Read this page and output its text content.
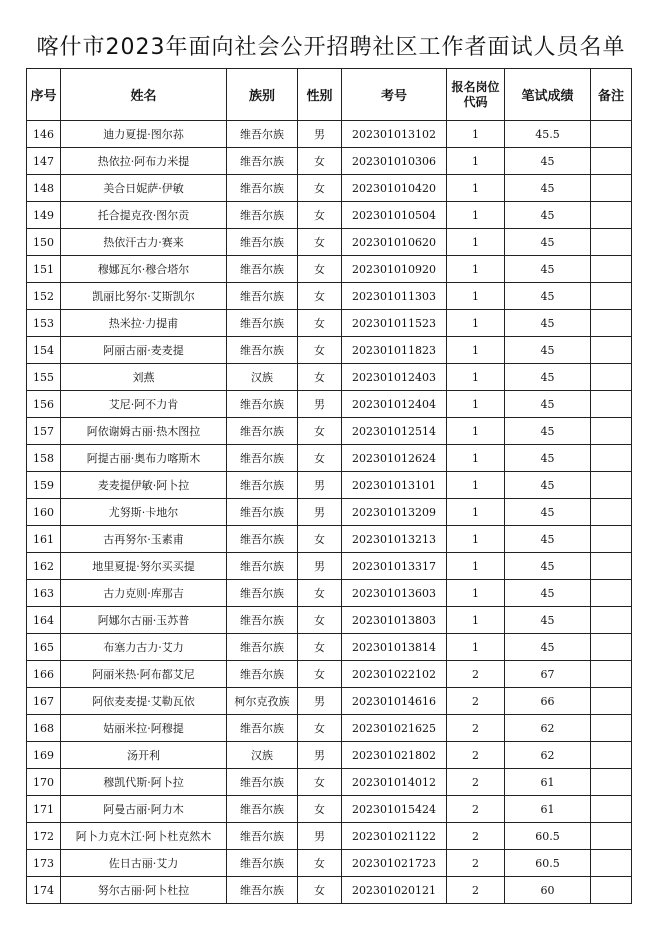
喀什市2023年面向社会公开招聘社区工作者面试人员名单
序号	姓名	族别	性别	考号	报名岗位代码	笔试成绩	备注
146	迪力夏提·图尔荪	维吾尔族	男	202301013102	1	45.5	
147	热依拉·阿布力米提	维吾尔族	女	202301010306	1	45	
148	美合日妮萨·伊敏	维吾尔族	女	202301010420	1	45	
149	托合提克孜·图尔贡	维吾尔族	女	202301010504	1	45	
150	热依汗古力·赛来	维吾尔族	女	202301010620	1	45	
151	穆娜瓦尔·穆合塔尔	维吾尔族	女	202301010920	1	45	
152	凯丽比努尔·艾斯凯尔	维吾尔族	女	202301011303	1	45	
153	热米拉·力提甫	维吾尔族	女	202301011523	1	45	
154	阿丽古丽·麦麦提	维吾尔族	女	202301011823	1	45	
155	刘燕	汉族	女	202301012403	1	45	
156	艾尼·阿不力肯	维吾尔族	男	202301012404	1	45	
157	阿依谢姆古丽·热木图拉	维吾尔族	女	202301012514	1	45	
158	阿提古丽·奥布力喀斯木	维吾尔族	女	202301012624	1	45	
159	麦麦提伊敏·阿卜拉	维吾尔族	男	202301013101	1	45	
160	尤努斯·卡地尔	维吾尔族	男	202301013209	1	45	
161	古再努尔·玉素甫	维吾尔族	女	202301013213	1	45	
162	地里夏提·努尔买买提	维吾尔族	男	202301013317	1	45	
163	古力克则·库那吉	维吾尔族	女	202301013603	1	45	
164	阿娜尔古丽·玉苏普	维吾尔族	女	202301013803	1	45	
165	布塞力古力·艾力	维吾尔族	女	202301013814	1	45	
166	阿丽米热·阿布都艾尼	维吾尔族	女	202301022102	2	67	
167	阿依麦麦提·艾勒瓦依	柯尔克孜族	男	202301014616	2	66	
168	姑丽米拉·阿穆提	维吾尔族	女	202301021625	2	62	
169	汤开利	汉族	男	202301021802	2	62	
170	穆凯代斯·阿卜拉	维吾尔族	女	202301014012	2	61	
171	阿曼古丽·阿力木	维吾尔族	女	202301015424	2	61	
172	阿卜力克木江·阿卜杜克然木	维吾尔族	男	202301021122	2	60.5	
173	佐日古丽·艾力	维吾尔族	女	202301021723	2	60.5	
174	努尔古丽·阿卜杜拉	维吾尔族	女	202301020121	2	60	
